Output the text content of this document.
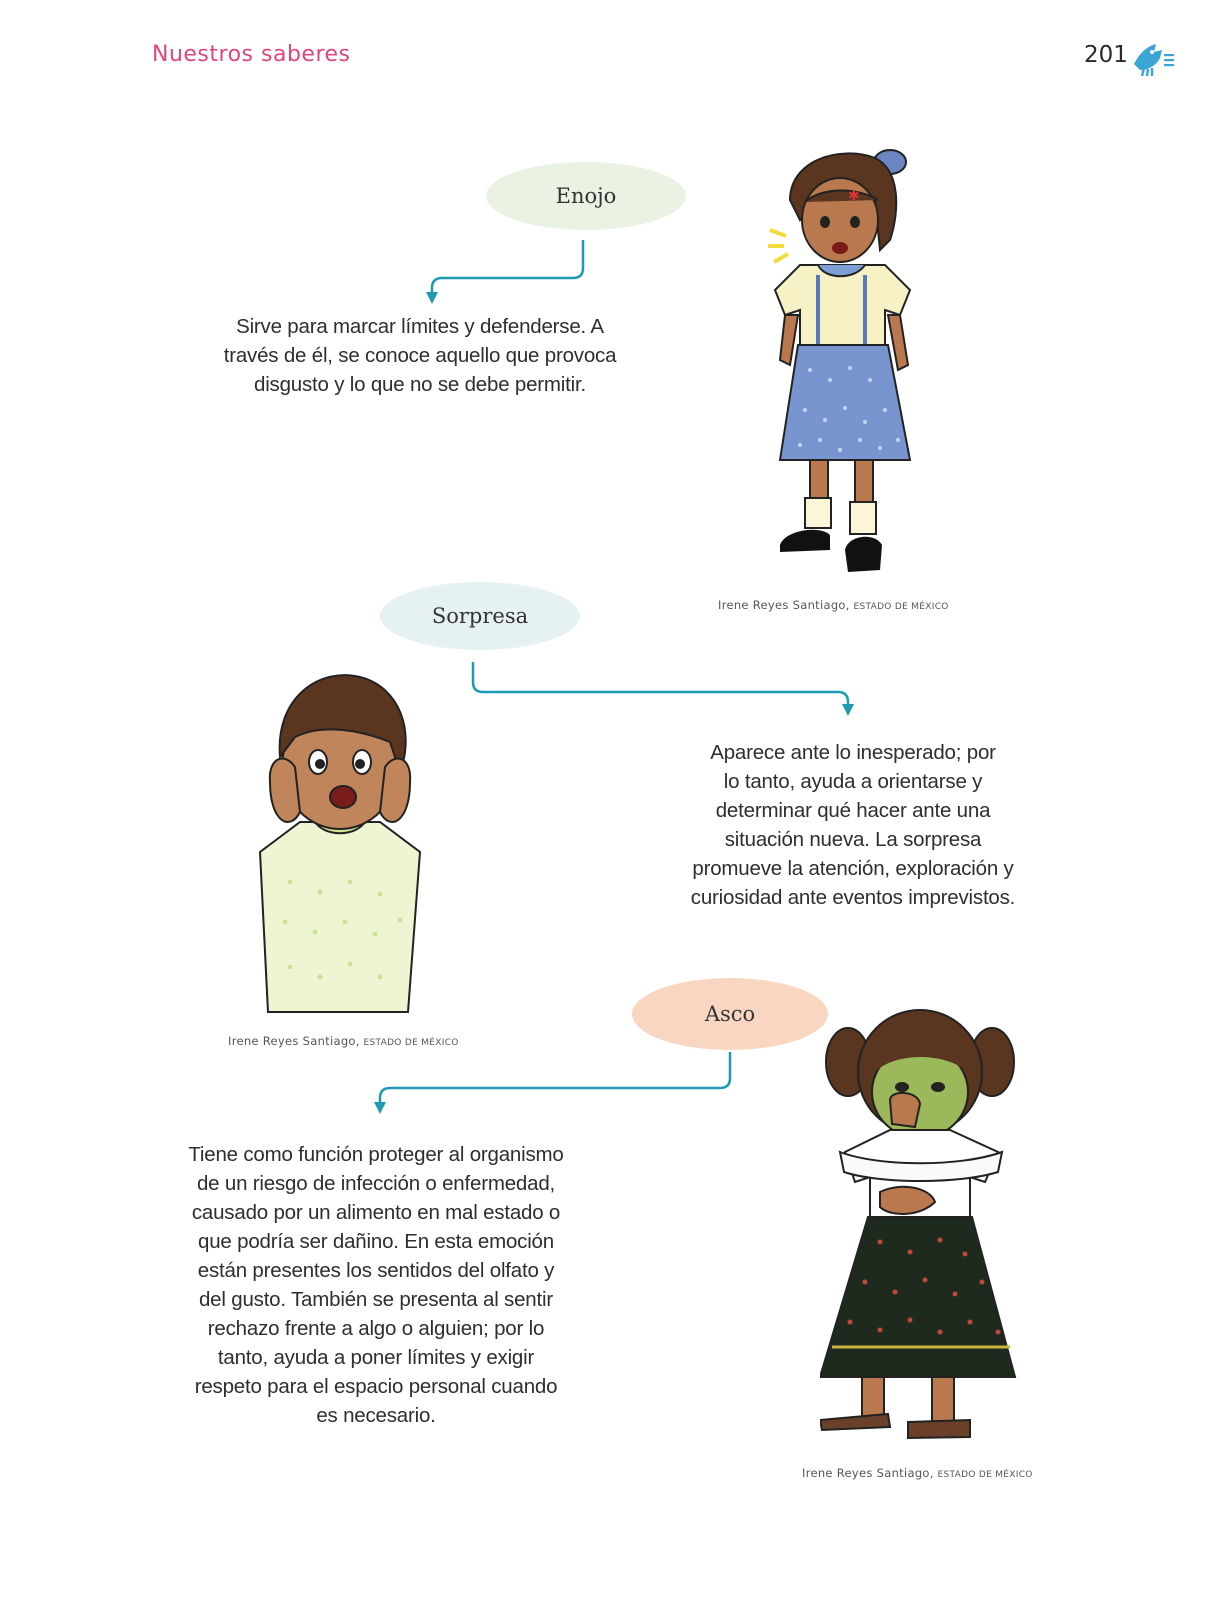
Nuestros saberes	201
Enojo
Sirve para marcar límites y defenderse. A
través de él, se conoce aquello que provoca
disgusto y lo que no se debe permitir.
✱
Irene Reyes Santiago, ESTADO DE MÉXICO
Sorpresa
Aparece ante lo inesperado; por
lo tanto, ayuda a orientarse y
determinar qué hacer ante una
situación nueva. La sorpresa
promueve la atención, exploración y
curiosidad ante eventos imprevistos.
Irene Reyes Santiago, ESTADO DE MÉXICO
Asco
Tiene como función proteger al organismo
de un riesgo de infección o enfermedad,
causado por un alimento en mal estado o
que podría ser dañino. En esta emoción
están presentes los sentidos del olfato y
del gusto. También se presenta al sentir
rechazo frente a algo o alguien; por lo
tanto, ayuda a poner límites y exigir
respeto para el espacio personal cuando
es necesario.
Irene Reyes Santiago, ESTADO DE MÉXICO
